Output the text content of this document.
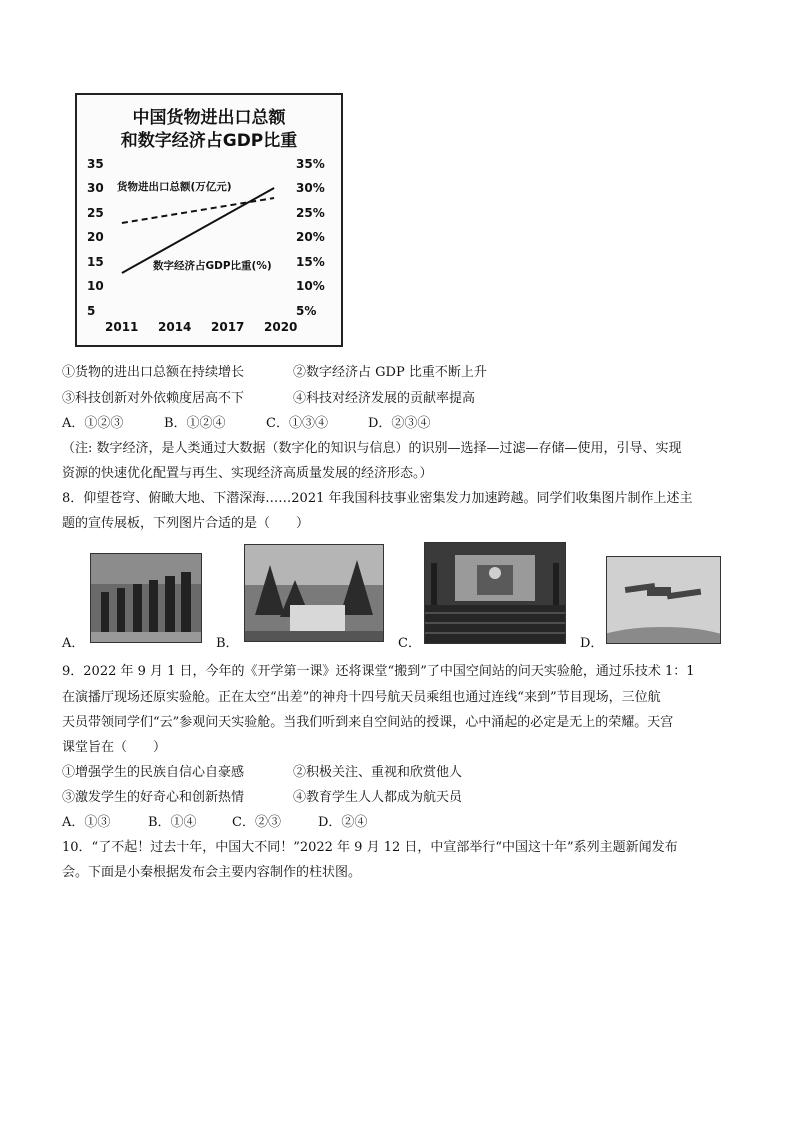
中国货物进出口总额
和数字经济占GDP比重
35
30
25
20
15
10
5
35%
30%
25%
20%
15%
10%
5%
2011 2014 2017 2020
货物进出口总额(万亿元)
数字经济占GDP比重(%)
①货物的进出口总额在持续增长	②数字经济占 GDP 比重不断上升
③科技创新对外依赖度居高不下	④科技对经济发展的贡献率提高
A．①②③	B．①②④	C．①③④	D．②③④
（注: 数字经济，是人类通过大数据（数字化的知识与信息）的识别—选择—过滤—存储—使用，引导、实现
资源的快速优化配置与再生、实现经济高质量发展的经济形态。）
8．仰望苍穹、俯瞰大地、下潜深海……2021 年我国科技事业密集发力加速跨越。同学们收集图片制作上述主
题的宣传展板，下列图片合适的是（　　）
A．	B．	C．	D．
9．2022 年 9 月 1 日，今年的《开学第一课》还将课堂“搬到”了中国空间站的问天实验舱，通过乐技术 1：1
在演播厅现场还原实验舱。正在太空“出差”的神舟十四号航天员乘组也通过连线“来到”节目现场，三位航
天员带领同学们“云”参观问天实验舱。当我们听到来自空间站的授课，心中涌起的必定是无上的荣耀。天宫
课堂旨在（　　）
①增强学生的民族自信心自豪感	②积极关注、重视和欣赏他人
③激发学生的好奇心和创新热情	④教育学生人人都成为航天员
A．①③	B．①④	C．②③	D．②④
10．“了不起！过去十年，中国大不同！”2022 年 9 月 12 日，中宣部举行“中国这十年”系列主题新闻发布
会。下面是小秦根据发布会主要内容制作的柱状图。
